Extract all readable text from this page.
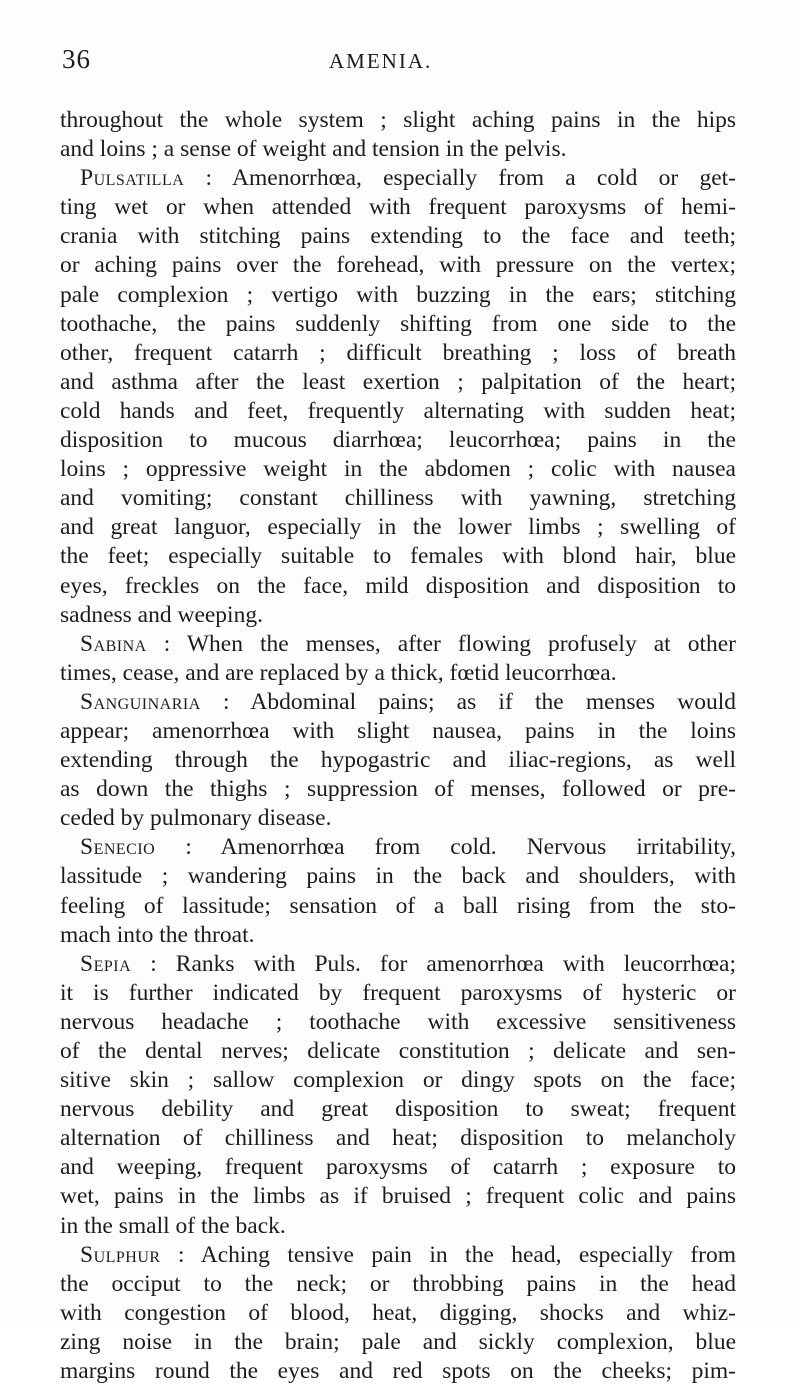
36	AMENIA.
throughout the whole system ; slight aching pains in the hips
and loins ; a sense of weight and tension in the pelvis.
Pulsatilla : Amenorrhœa, especially from a cold or get-
ting wet or when attended with frequent paroxysms of hemi-
crania with stitching pains extending to the face and teeth;
or aching pains over the forehead, with pressure on the vertex;
pale complexion ; vertigo with buzzing in the ears; stitching
toothache, the pains suddenly shifting from one side to the
other, frequent catarrh ; difficult breathing ; loss of breath
and asthma after the least exertion ; palpitation of the heart;
cold hands and feet, frequently alternating with sudden heat;
disposition to mucous diarrhœa; leucorrhœa; pains in the
loins ; oppressive weight in the abdomen ; colic with nausea
and vomiting; constant chilliness with yawning, stretching
and great languor, especially in the lower limbs ; swelling of
the feet; especially suitable to females with blond hair, blue
eyes, freckles on the face, mild disposition and disposition to
sadness and weeping.
Sabina : When the menses, after flowing profusely at other
times, cease, and are replaced by a thick, fœtid leucorrhœa.
Sanguinaria : Abdominal pains; as if the menses would
appear; amenorrhœa with slight nausea, pains in the loins
extending through the hypogastric and iliac-regions, as well
as down the thighs ; suppression of menses, followed or pre-
ceded by pulmonary disease.
Senecio : Amenorrhœa from cold. Nervous irritability,
lassitude ; wandering pains in the back and shoulders, with
feeling of lassitude; sensation of a ball rising from the sto-
mach into the throat.
Sepia : Ranks with Puls. for amenorrhœa with leucorrhœa;
it is further indicated by frequent paroxysms of hysteric or
nervous headache ; toothache with excessive sensitiveness
of the dental nerves; delicate constitution ; delicate and sen-
sitive skin ; sallow complexion or dingy spots on the face;
nervous debility and great disposition to sweat; frequent
alternation of chilliness and heat; disposition to melancholy
and weeping, frequent paroxysms of catarrh ; exposure to
wet, pains in the limbs as if bruised ; frequent colic and pains
in the small of the back.
Sulphur : Aching tensive pain in the head, especially from
the occiput to the neck; or throbbing pains in the head
with congestion of blood, heat, digging, shocks and whiz-
zing noise in the brain; pale and sickly complexion, blue
margins round the eyes and red spots on the cheeks; pim-
